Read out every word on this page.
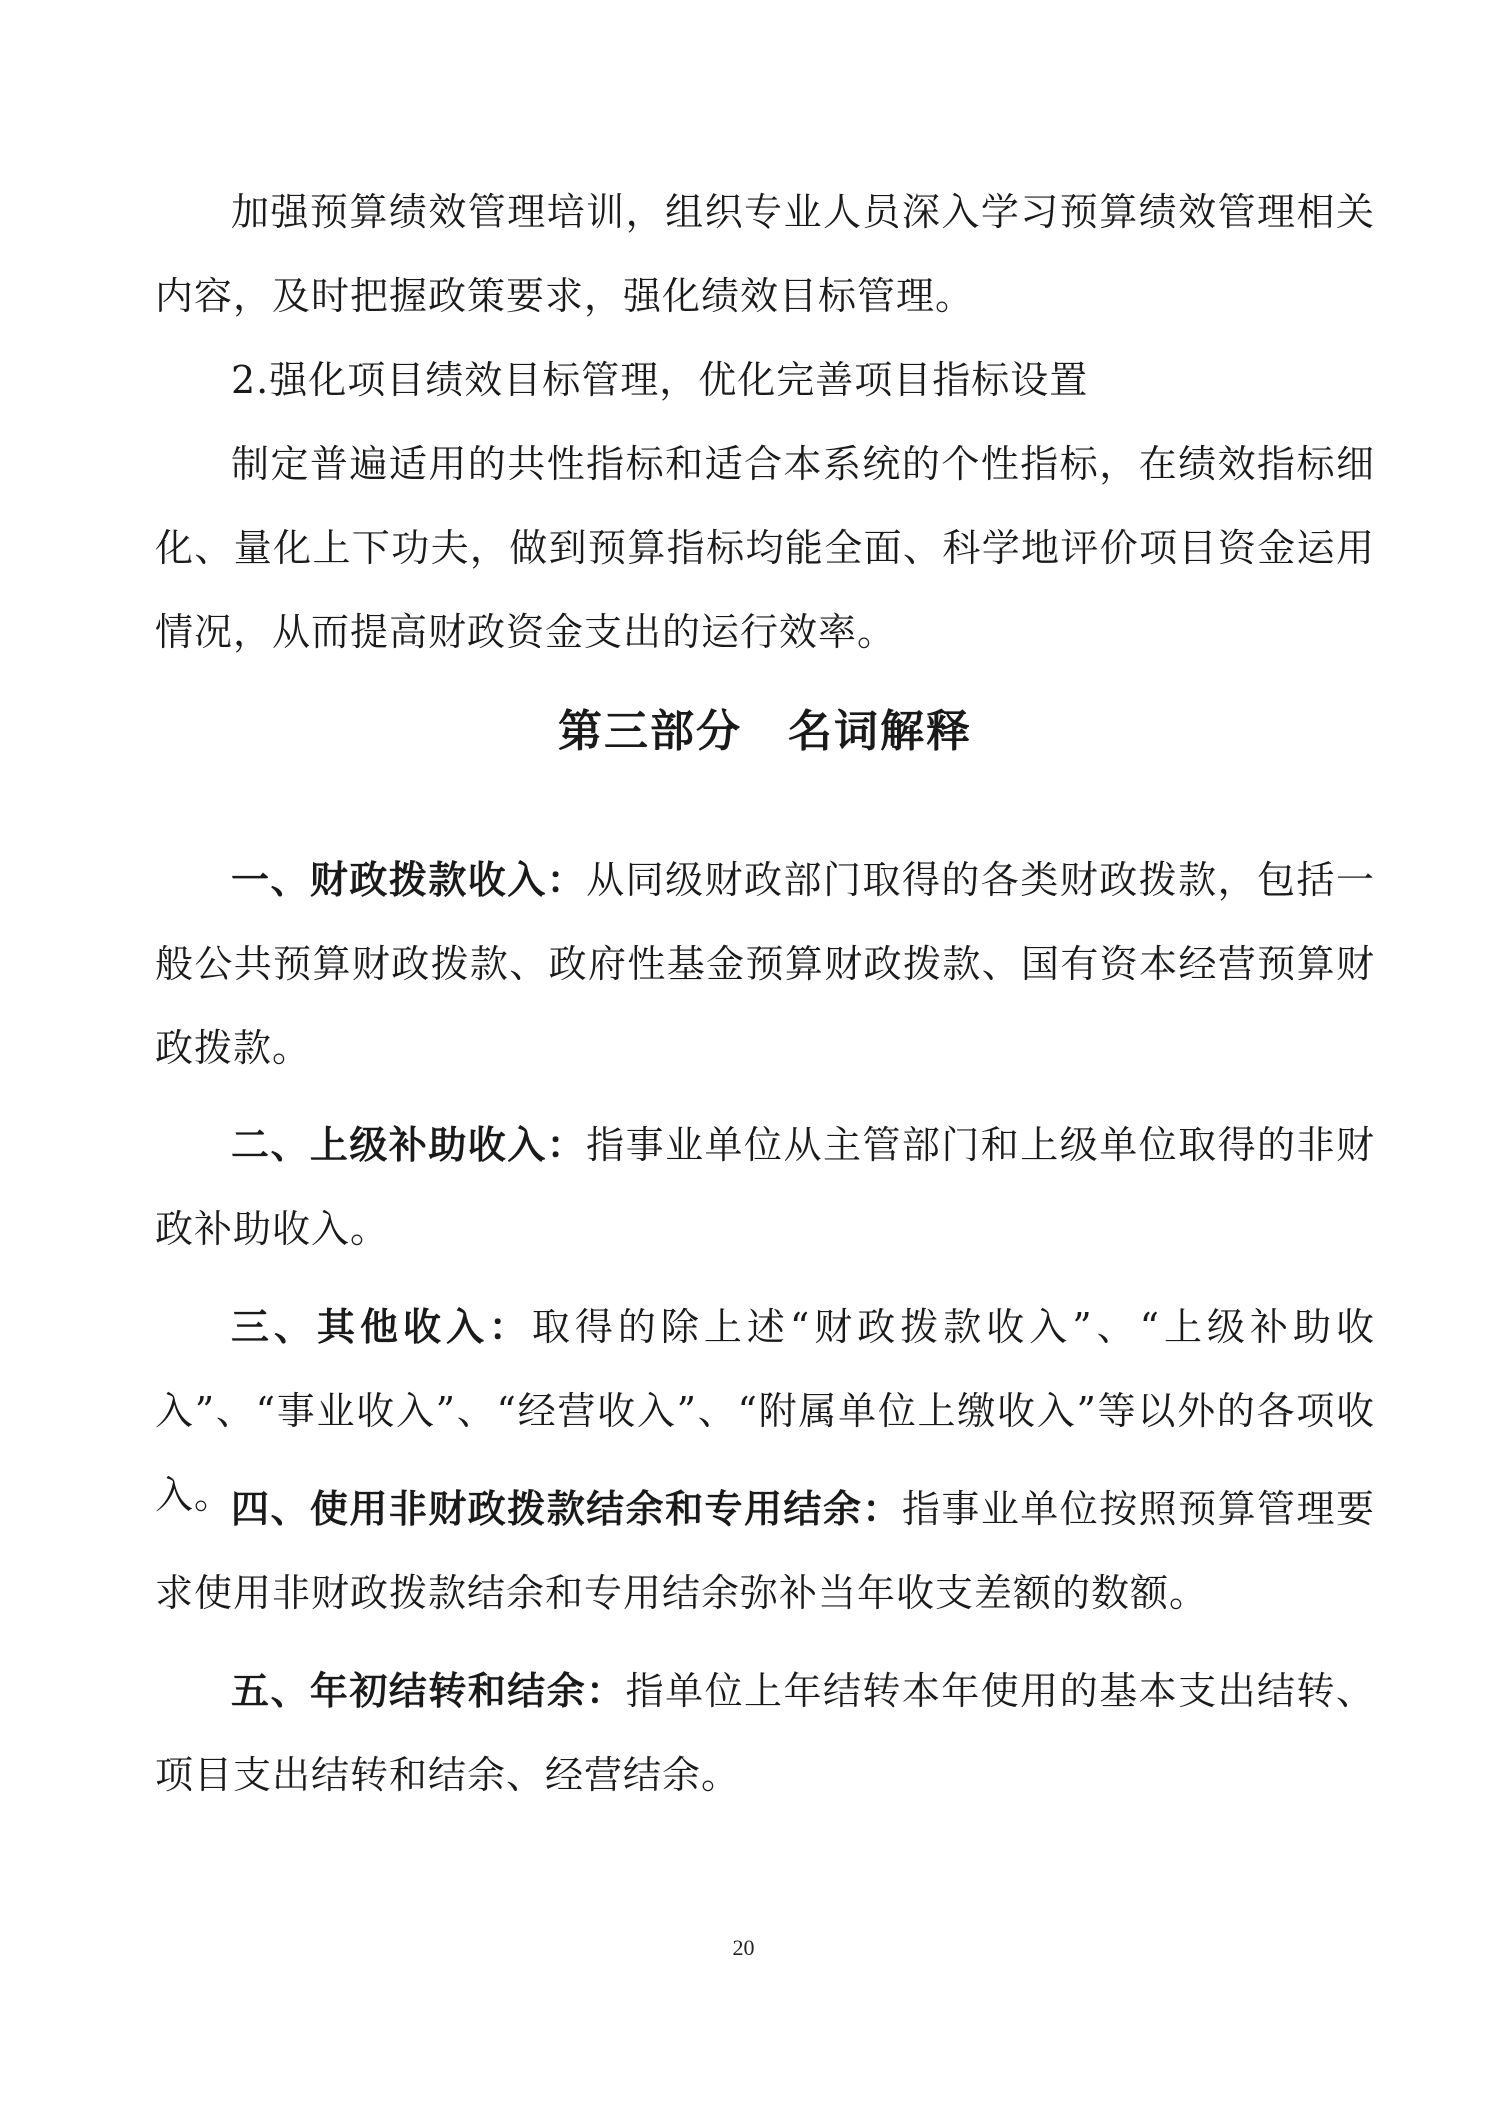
加强预算绩效管理培训，组织专业人员深入学习预算绩效管理相关内容，及时把握政策要求，强化绩效目标管理。

2.强化项目绩效目标管理，优化完善项目指标设置

制定普遍适用的共性指标和适合本系统的个性指标，在绩效指标细化、量化上下功夫，做到预算指标均能全面、科学地评价项目资金运用情况，从而提高财政资金支出的运行效率。

第三部分　名词解释

一、财政拨款收入：从同级财政部门取得的各类财政拨款，包括一般公共预算财政拨款、政府性基金预算财政拨款、国有资本经营预算财政拨款。

二、上级补助收入：指事业单位从主管部门和上级单位取得的非财政补助收入。

三、其他收入：取得的除上述“财政拨款收入”、“上级补助收入”、“事业收入”、“经营收入”、“附属单位上缴收入”等以外的各项收入。

四、使用非财政拨款结余和专用结余：指事业单位按照预算管理要求使用非财政拨款结余和专用结余弥补当年收支差额的数额。

五、年初结转和结余：指单位上年结转本年使用的基本支出结转、项目支出结转和结余、经营结余。

20
